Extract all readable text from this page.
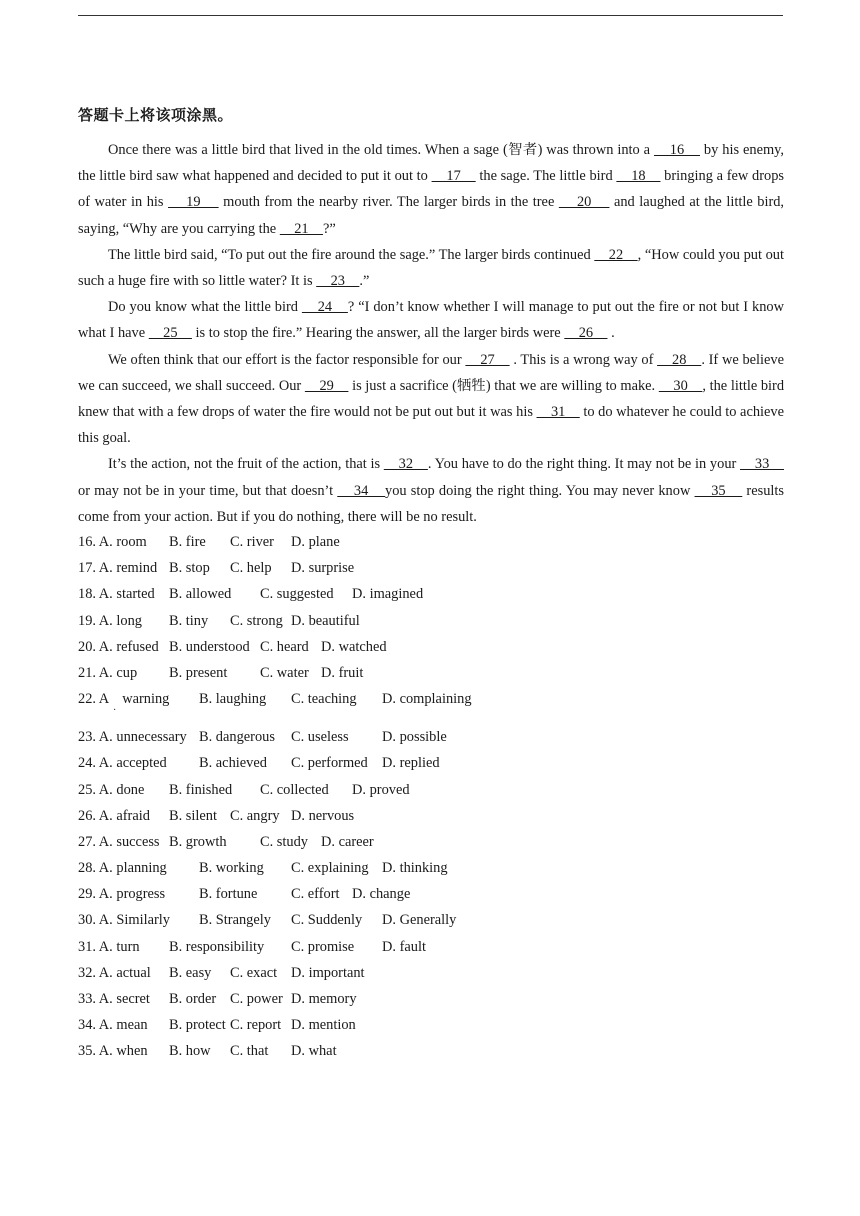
答题卡上将该项涂黑。

Once there was a little bird that lived in the old times. When a sage (智者) was thrown into a     16     by his enemy, the little bird saw what happened and decided to put it out to     17     the sage. The little bird     18     bringing a few drops of water in his     19     mouth from the nearby river. The larger birds in the tree     20     and laughed at the little bird, saying, “Why are you carrying the     21    ?”

The little bird said, “To put out the fire around the sage.” The larger birds continued     22    , “How could you put out such a huge fire with so little water? It is     23    .”

Do you know what the little bird     24    ? “I don’t know whether I will manage to put out the fire or not but I know what I have     25     is to stop the fire.” Hearing the answer, all the larger birds were     26     .

We often think that our effort is the factor responsible for our     27     . This is a wrong way of     28    . If we believe we can succeed, we shall succeed. Our     29     is just a sacrifice (牺牲) that we are willing to make.     30    , the little bird knew that with a few drops of water the fire would not be put out but it was his     31     to do whatever he could to achieve this goal.

It’s the action, not the fruit of the action, that is     32    . You have to do the right thing. It may not be in your     33     or may not be in your time, but that doesn’t     34    you stop doing the right thing. You may never know     35     results come from your action. But if you do nothing, there will be no result.

16. A. room B. fire C. river D. plane
17. A. remind B. stop C. help D. surprise
18. A. started B. allowed C. suggested D. imagined
19. A. long B. tiny C. strong D. beautiful
20. A. refused B. understood C. heard D. watched
21. A. cup B. present C. water D. fruit
22. A warning
·
B. laughing C. teaching D. complaining
23. A. unnecessary B. dangerous C. useless D. possible
24. A. accepted B. achieved C. performed D. replied
25. A. done B. finished C. collected D. proved
26. A. afraid B. silent C. angry D. nervous
27. A. success B. growth C. study D. career
28. A. planning B. working C. explaining D. thinking
29. A. progress B. fortune C. effort D. change
30. A. Similarly B. Strangely C. Suddenly D. Generally
31. A. turn B. responsibility C. promise D. fault
32. A. actual B. easy C. exact D. important
33. A. secret B. order C. power D. memory
34. A. mean B. protect C. report D. mention
35. A. when B. how C. that D. what
